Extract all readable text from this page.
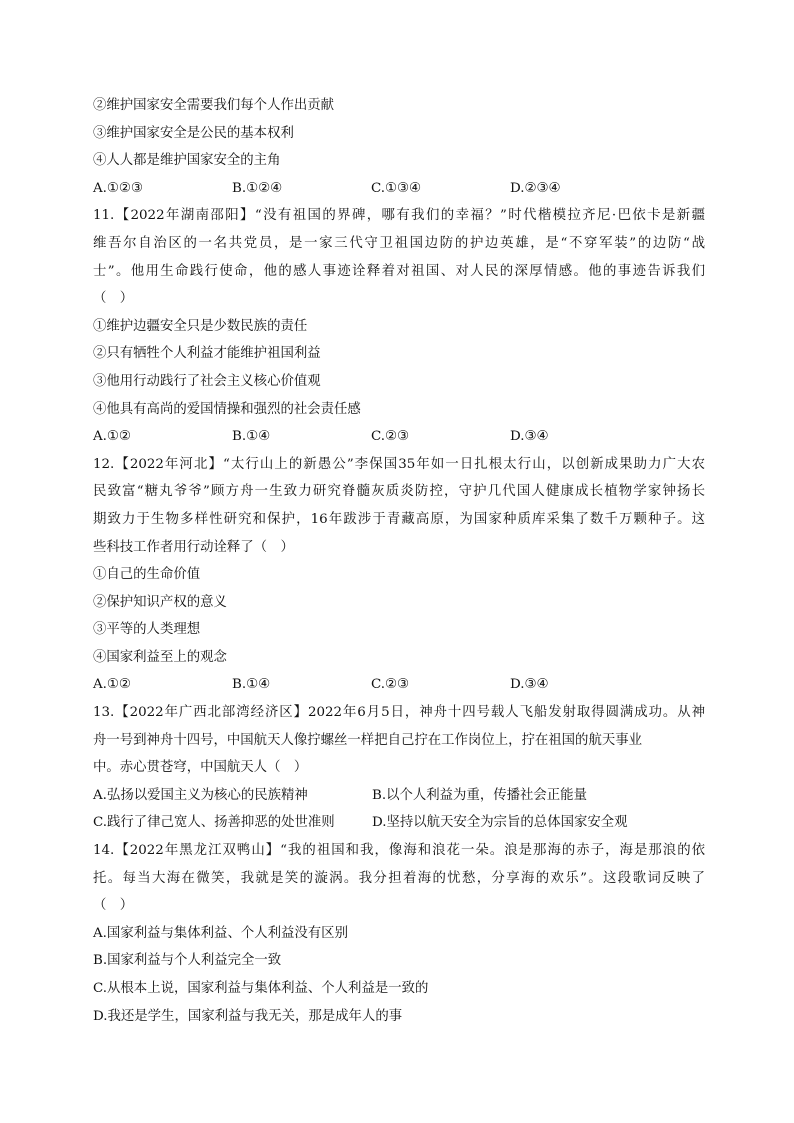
②维护国家安全需要我们每个人作出贡献
③维护国家安全是公民的基本权利
④人人都是维护国家安全的主角
A.①②③	B.①②④	C.①③④	D.②③④
11.【2022年湖南邵阳】“没有祖国的界碑，哪有我们的幸福？”时代楷模拉齐尼·巴依卡是新疆
维吾尔自治区的一名共党员，是一家三代守卫祖国边防的护边英雄，是“不穿军装”的边防“战
士”。他用生命践行使命，他的感人事迹诠释着对祖国、对人民的深厚情感。他的事迹告诉我们
（　）
①维护边疆安全只是少数民族的责任
②只有牺牲个人利益才能维护祖国利益
③他用行动践行了社会主义核心价值观
④他具有高尚的爱国情操和强烈的社会责任感
A.①②	B.①④	C.②③	D.③④
12.【2022年河北】“太行山上的新愚公”李保国35年如一日扎根太行山，以创新成果助力广大农
民致富“糖丸爷爷”顾方舟一生致力研究脊髓灰质炎防控，守护几代国人健康成长植物学家钟扬长
期致力于生物多样性研究和保护，16年跋涉于青藏高原，为国家种质库采集了数千万颗种子。这
些科技工作者用行动诠释了（　）
①自己的生命价值
②保护知识产权的意义
③平等的人类理想
④国家利益至上的观念
A.①②	B.①④	C.②③	D.③④
13.【2022年广西北部湾经济区】2022年6月5日，神舟十四号载人飞船发射取得圆满成功。从神
舟一号到神舟十四号，中国航天人像拧螺丝一样把自己拧在工作岗位上，拧在祖国的航天事业
中。赤心贯苍穹，中国航天人（　）
A.弘扬以爱国主义为核心的民族精神	B.以个人利益为重，传播社会正能量
C.践行了律己宽人、扬善抑恶的处世准则	D.坚持以航天安全为宗旨的总体国家安全观
14.【2022年黑龙江双鸭山】“我的祖国和我，像海和浪花一朵。浪是那海的赤子，海是那浪的依
托。每当大海在微笑，我就是笑的漩涡。我分担着海的忧愁，分享海的欢乐”。这段歌词反映了
（　）
A.国家利益与集体利益、个人利益没有区别
B.国家利益与个人利益完全一致
C.从根本上说，国家利益与集体利益、个人利益是一致的
D.我还是学生，国家利益与我无关，那是成年人的事
